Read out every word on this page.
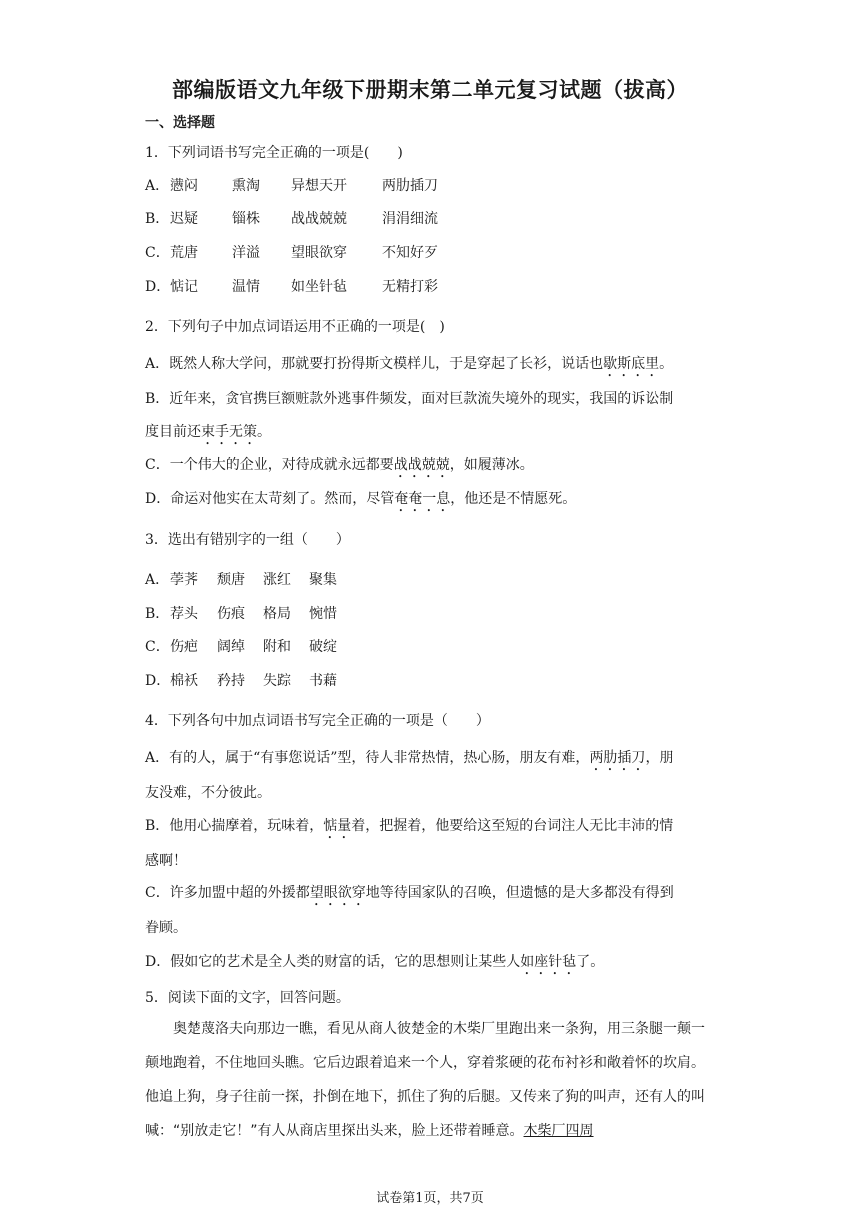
部编版语文九年级下册期末第二单元复习试题（拔高）
一、选择题
1．下列词语书写完全正确的一项是(　　)
A． 懑闷 熏淘 异想天开	两肋插刀
B． 迟疑 锱株 战战兢兢	涓涓细流
C． 荒唐 洋溢 望眼欲穿	不知好歹
D． 惦记 温情 如坐针毡	无精打彩
2．下列句子中加点词语运用不正确的一项是(　)
A．既然人称大学问，那就要打扮得斯文模样儿，于是穿起了长衫，说话也歇斯底里。
B．近年来，贪官携巨额赃款外逃事件频发，面对巨款流失境外的现实，我国的诉讼制
度目前还束手无策。
C．一个伟大的企业，对待成就永远都要战战兢兢，如履薄冰。
D．命运对他实在太苛刻了。然而，尽管奄奄一息，他还是不情愿死。
3．选出有错别字的一组（　　）
A． 荸荠 颓唐 涨红 聚集
B． 荐头 伤痕 格局 惋惜
C． 伤疤 阔绰 附和 破绽
D． 棉袄 矜持 失踪 书藉
4．下列各句中加点词语书写完全正确的一项是（　　）
A．有的人，属于“有事您说话”型，待人非常热情，热心肠，朋友有难，两肋插刀，朋
友没难，不分彼此。
B．他用心揣摩着，玩味着，惦量着，把握着，他要给这至短的台词注人无比丰沛的情
感啊！
C．许多加盟中超的外援都望眼欲穿地等待国家队的召唤，但遗憾的是大多都没有得到
眷顾。
D．假如它的艺术是全人类的财富的话，它的思想则让某些人如座针毡了。
5．阅读下面的文字，回答问题。
奥楚蔑洛夫向那边一瞧，看见从商人彼楚金的木柴厂里跑出来一条狗，用三条腿一颠一颠地跑着，不住地回头瞧。它后边跟着追来一个人，穿着浆硬的花布衬衫和敞着怀的坎肩。他追上狗，身子往前一探，扑倒在地下，抓住了狗的后腿。又传来了狗的叫声，还有人的叫喊：“别放走它！”有人从商店里探出头来，脸上还带着睡意。木柴厂四周
试卷第1页，共7页
